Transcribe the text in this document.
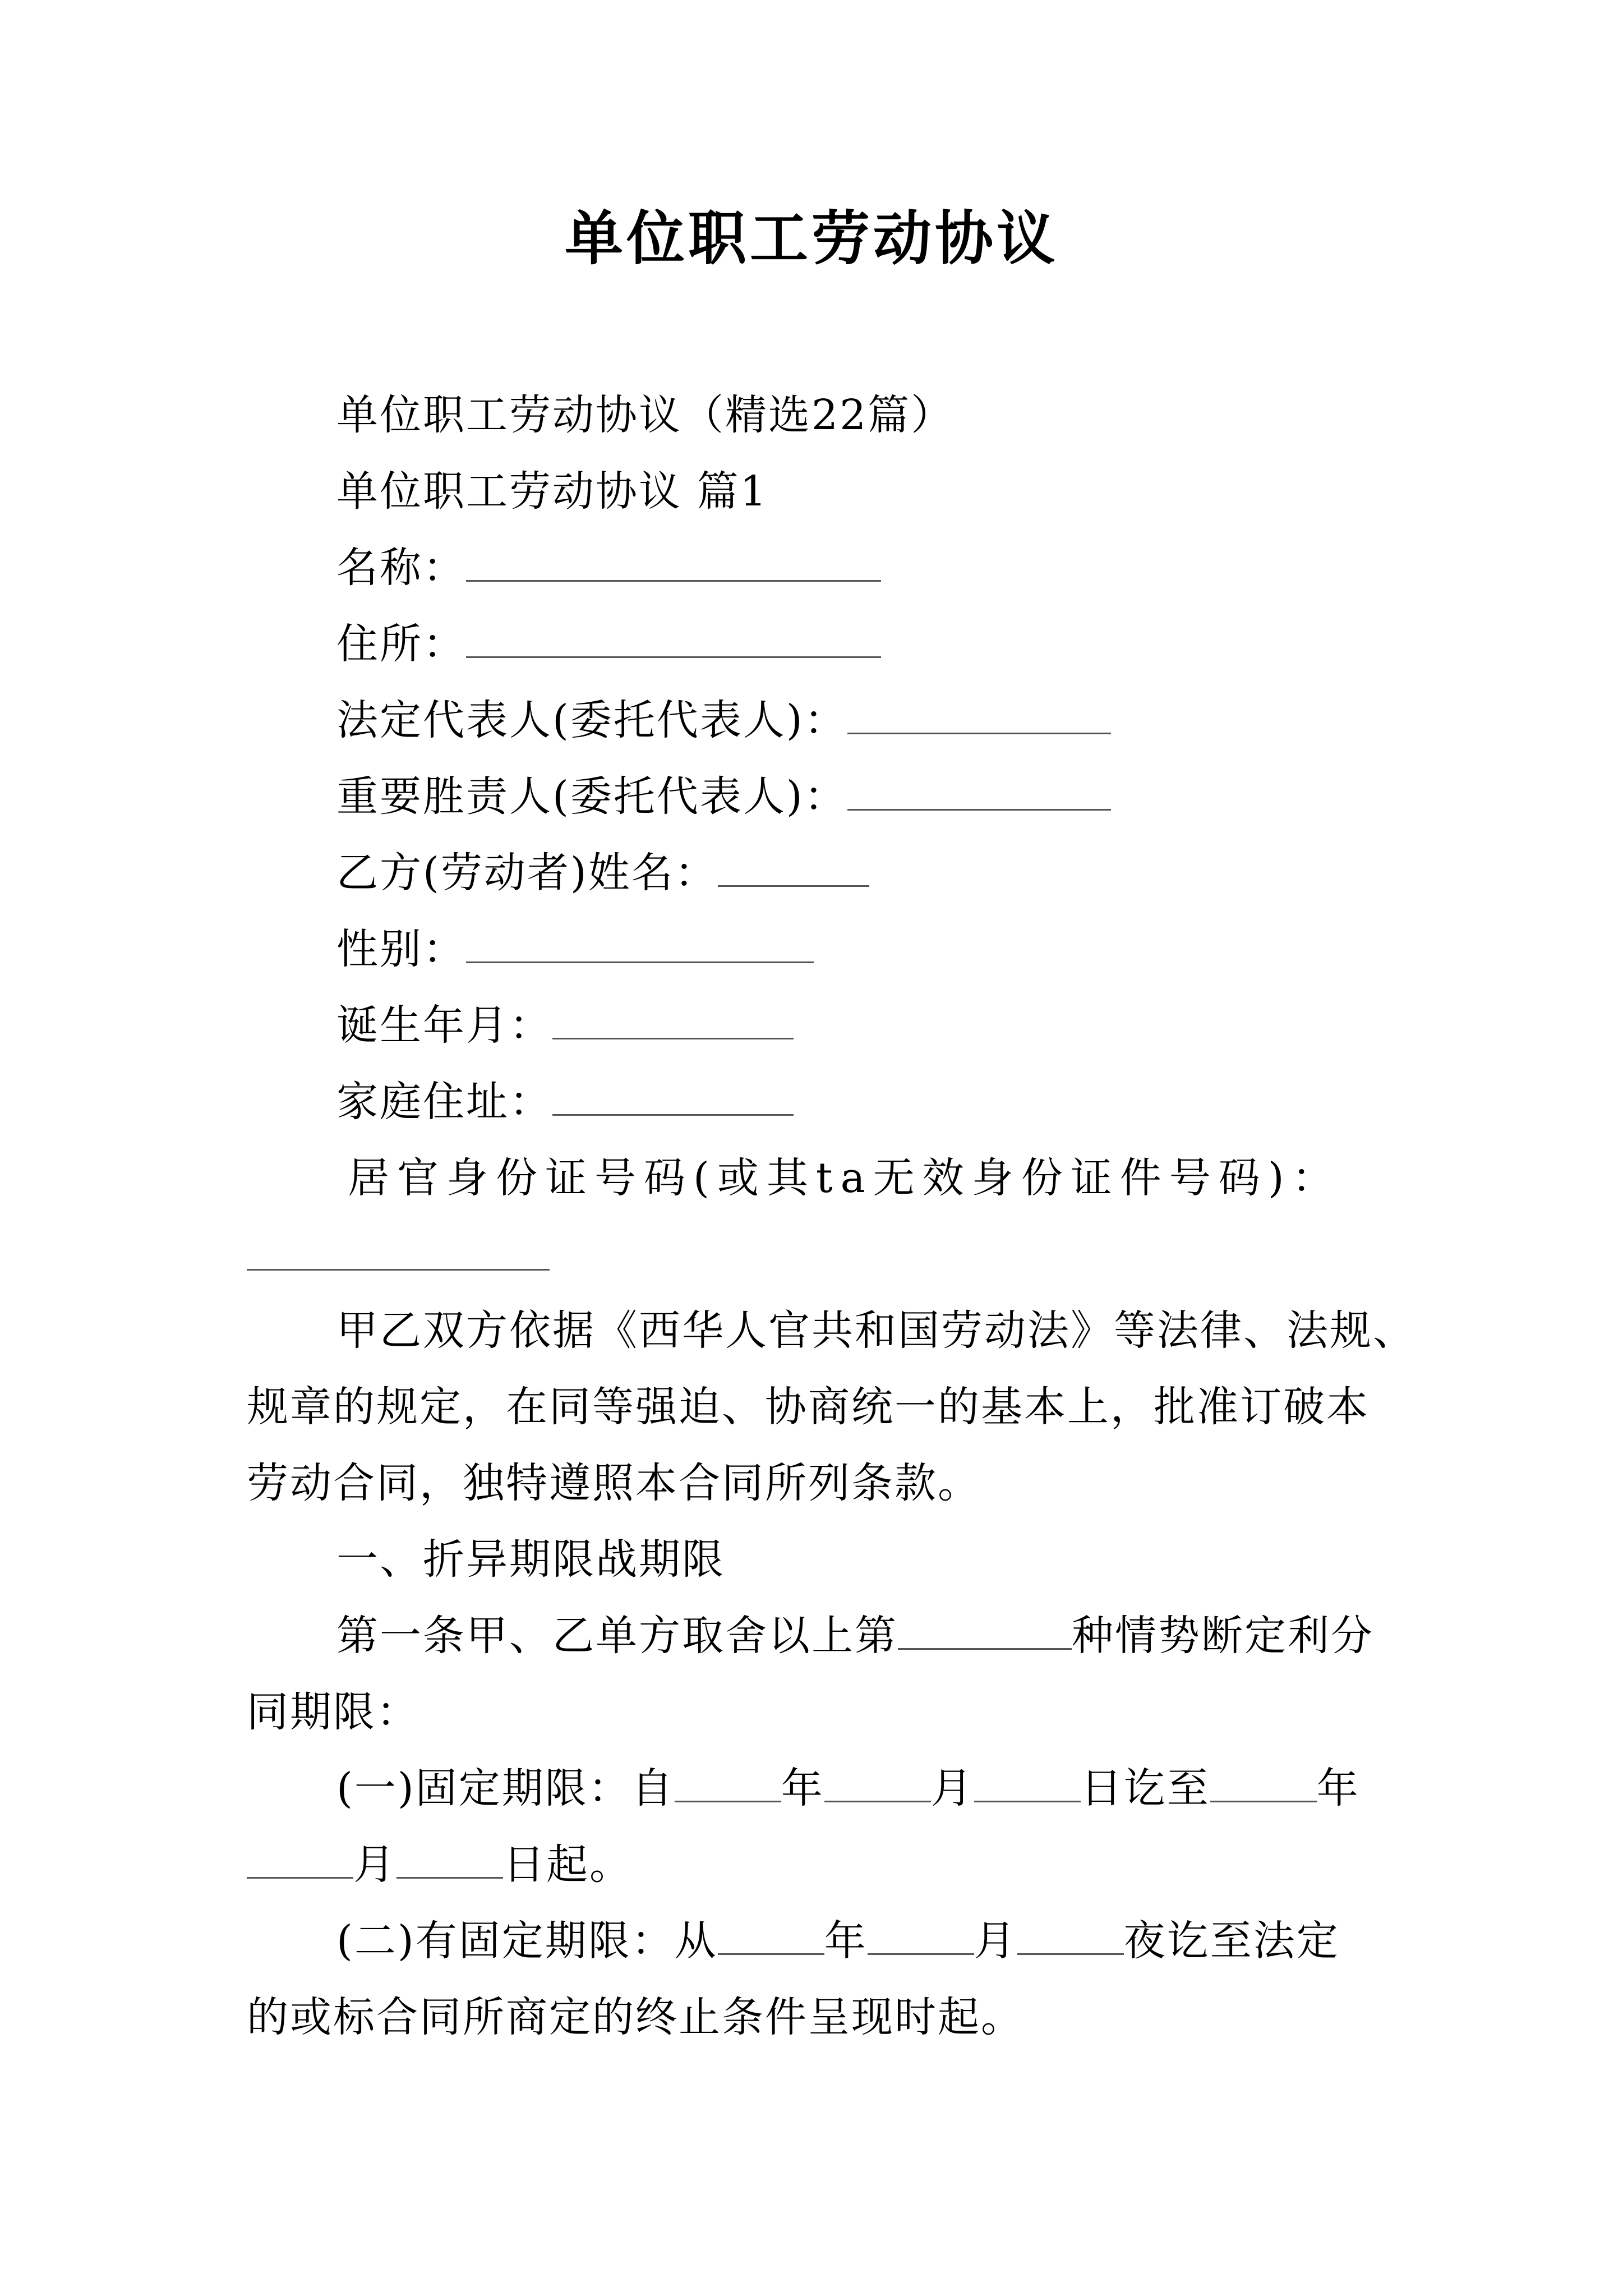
单位职工劳动协议
单位职工劳动协议（精选22篇）
单位职工劳动协议 篇1
名称：
住所：
法定代表人(委托代表人)：
重要胜责人(委托代表人)：
乙方(劳动者)姓名：
性别：
诞生年月：
家庭住址：
居官身份证号码(或其ta无效身份证件号码)：
甲乙双方依据《西华人官共和国劳动法》等法律、法规、
规章的规定，在同等强迫、协商统一的基本上，批准订破本
劳动合同，独特遵照本合同所列条款。
一、折异期限战期限
第一条甲、乙单方取舍以上第	种情势断定利分
同期限：
(一)固定期限：自	年	月	日讫至	年
月	日起。
(二)有固定期限：从	年	月	夜讫至法定
的或标合同所商定的终止条件呈现时起。
